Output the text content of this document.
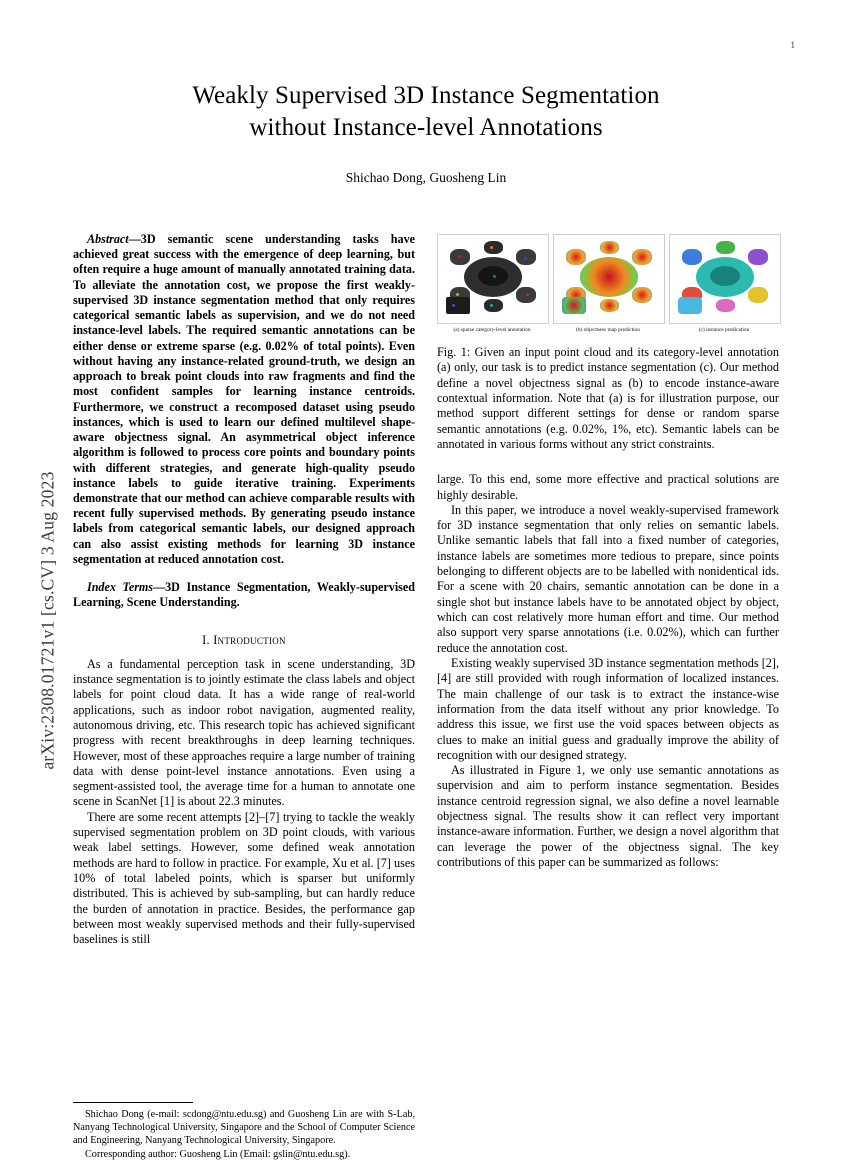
arXiv:2308.01721v1 [cs.CV] 3 Aug 2023
1
Weakly Supervised 3D Instance Segmentation
without Instance-level Annotations
Shichao Dong, Guosheng Lin
Abstract—3D semantic scene understanding tasks have achieved great success with the emergence of deep learning, but often require a huge amount of manually annotated training data. To alleviate the annotation cost, we propose the first weakly-supervised 3D instance segmentation method that only requires categorical semantic labels as supervision, and we do not need instance-level labels. The required semantic annotations can be either dense or extreme sparse (e.g. 0.02% of total points). Even without having any instance-related ground-truth, we design an approach to break point clouds into raw fragments and find the most confident samples for learning instance centroids. Furthermore, we construct a recomposed dataset using pseudo instances, which is used to learn our defined multilevel shape-aware objectness signal. An asymmetrical object inference algorithm is followed to process core points and boundary points with different strategies, and generate high-quality pseudo instance labels to guide iterative training. Experiments demonstrate that our method can achieve comparable results with recent fully supervised methods. By generating pseudo instance labels from categorical semantic labels, our designed approach can also assist existing methods for learning 3D instance segmentation at reduced annotation cost.
Index Terms—3D Instance Segmentation, Weakly-supervised Learning, Scene Understanding.
I. Introduction

As a fundamental perception task in scene understanding, 3D instance segmentation is to jointly estimate the class labels and object labels for point cloud data. It has a wide range of real-world applications, such as indoor robot navigation, augmented reality, autonomous driving, etc. This research topic has achieved significant progress with recent breakthroughs in deep learning techniques. However, most of these approaches require a large number of training data with dense point-level instance annotations. Even using a segment-assisted tool, the average time for a human to annotate one scene in ScanNet [1] is about 22.3 minutes.

There are some recent attempts [2]–[7] trying to tackle the weakly supervised segmentation problem on 3D point clouds, with various weak label settings. However, some defined weak annotation methods are hard to follow in practice. For example, Xu et al. [7] uses 10% of total labeled points, which is sparser but uniformly distributed. This is achieved by sub-sampling, but can hardly reduce the burden of annotation in practice. Besides, the performance gap between most weakly supervised methods and their fully-supervised baselines is still

Shichao Dong (e-mail: scdong@ntu.edu.sg) and Guosheng Lin are with S-Lab, Nanyang Technological University, Singapore and the School of Computer Science and Engineering, Nanyang Technological University, Singapore.

Corresponding author: Guosheng Lin (Email: gslin@ntu.edu.sg).

(a) sparse category-level annotation	(b) objectness map prediction	(c) instance predication
Fig. 1: Given an input point cloud and its category-level annotation (a) only, our task is to predict instance segmentation (c). Our method define a novel objectness signal as (b) to encode instance-aware contextual information. Note that (a) is for illustration purpose, our method support different settings for dense or random sparse semantic annotations (e.g. 0.02%, 1%, etc). Semantic labels can be annotated in various forms without any strict constraints.

large. To this end, some more effective and practical solutions are highly desirable.

In this paper, we introduce a novel weakly-supervised framework for 3D instance segmentation that only relies on semantic labels. Unlike semantic labels that fall into a fixed number of categories, instance labels are sometimes more tedious to prepare, since points belonging to different objects are to be labelled with nonidentical ids. For a scene with 20 chairs, semantic annotation can be done in a single shot but instance labels have to be annotated object by object, which can cost relatively more human effort and time. Our method also support very sparse annotations (i.e. 0.02%), which can further reduce the annotation cost.

Existing weakly supervised 3D instance segmentation methods [2], [4] are still provided with rough information of localized instances. The main challenge of our task is to extract the instance-wise information from the data itself without any prior knowledge. To address this issue, we first use the void spaces between objects as clues to make an initial guess and gradually improve the ability of recognition with our designed strategy.

As illustrated in Figure 1, we only use semantic annotations as supervision and aim to perform instance segmentation. Besides instance centroid regression signal, we also define a novel learnable objectness signal. The results show it can reflect very important instance-aware information. Further, we design a novel algorithm that can leverage the power of the objectness signal. The key contributions of this paper can be summarized as follows:
